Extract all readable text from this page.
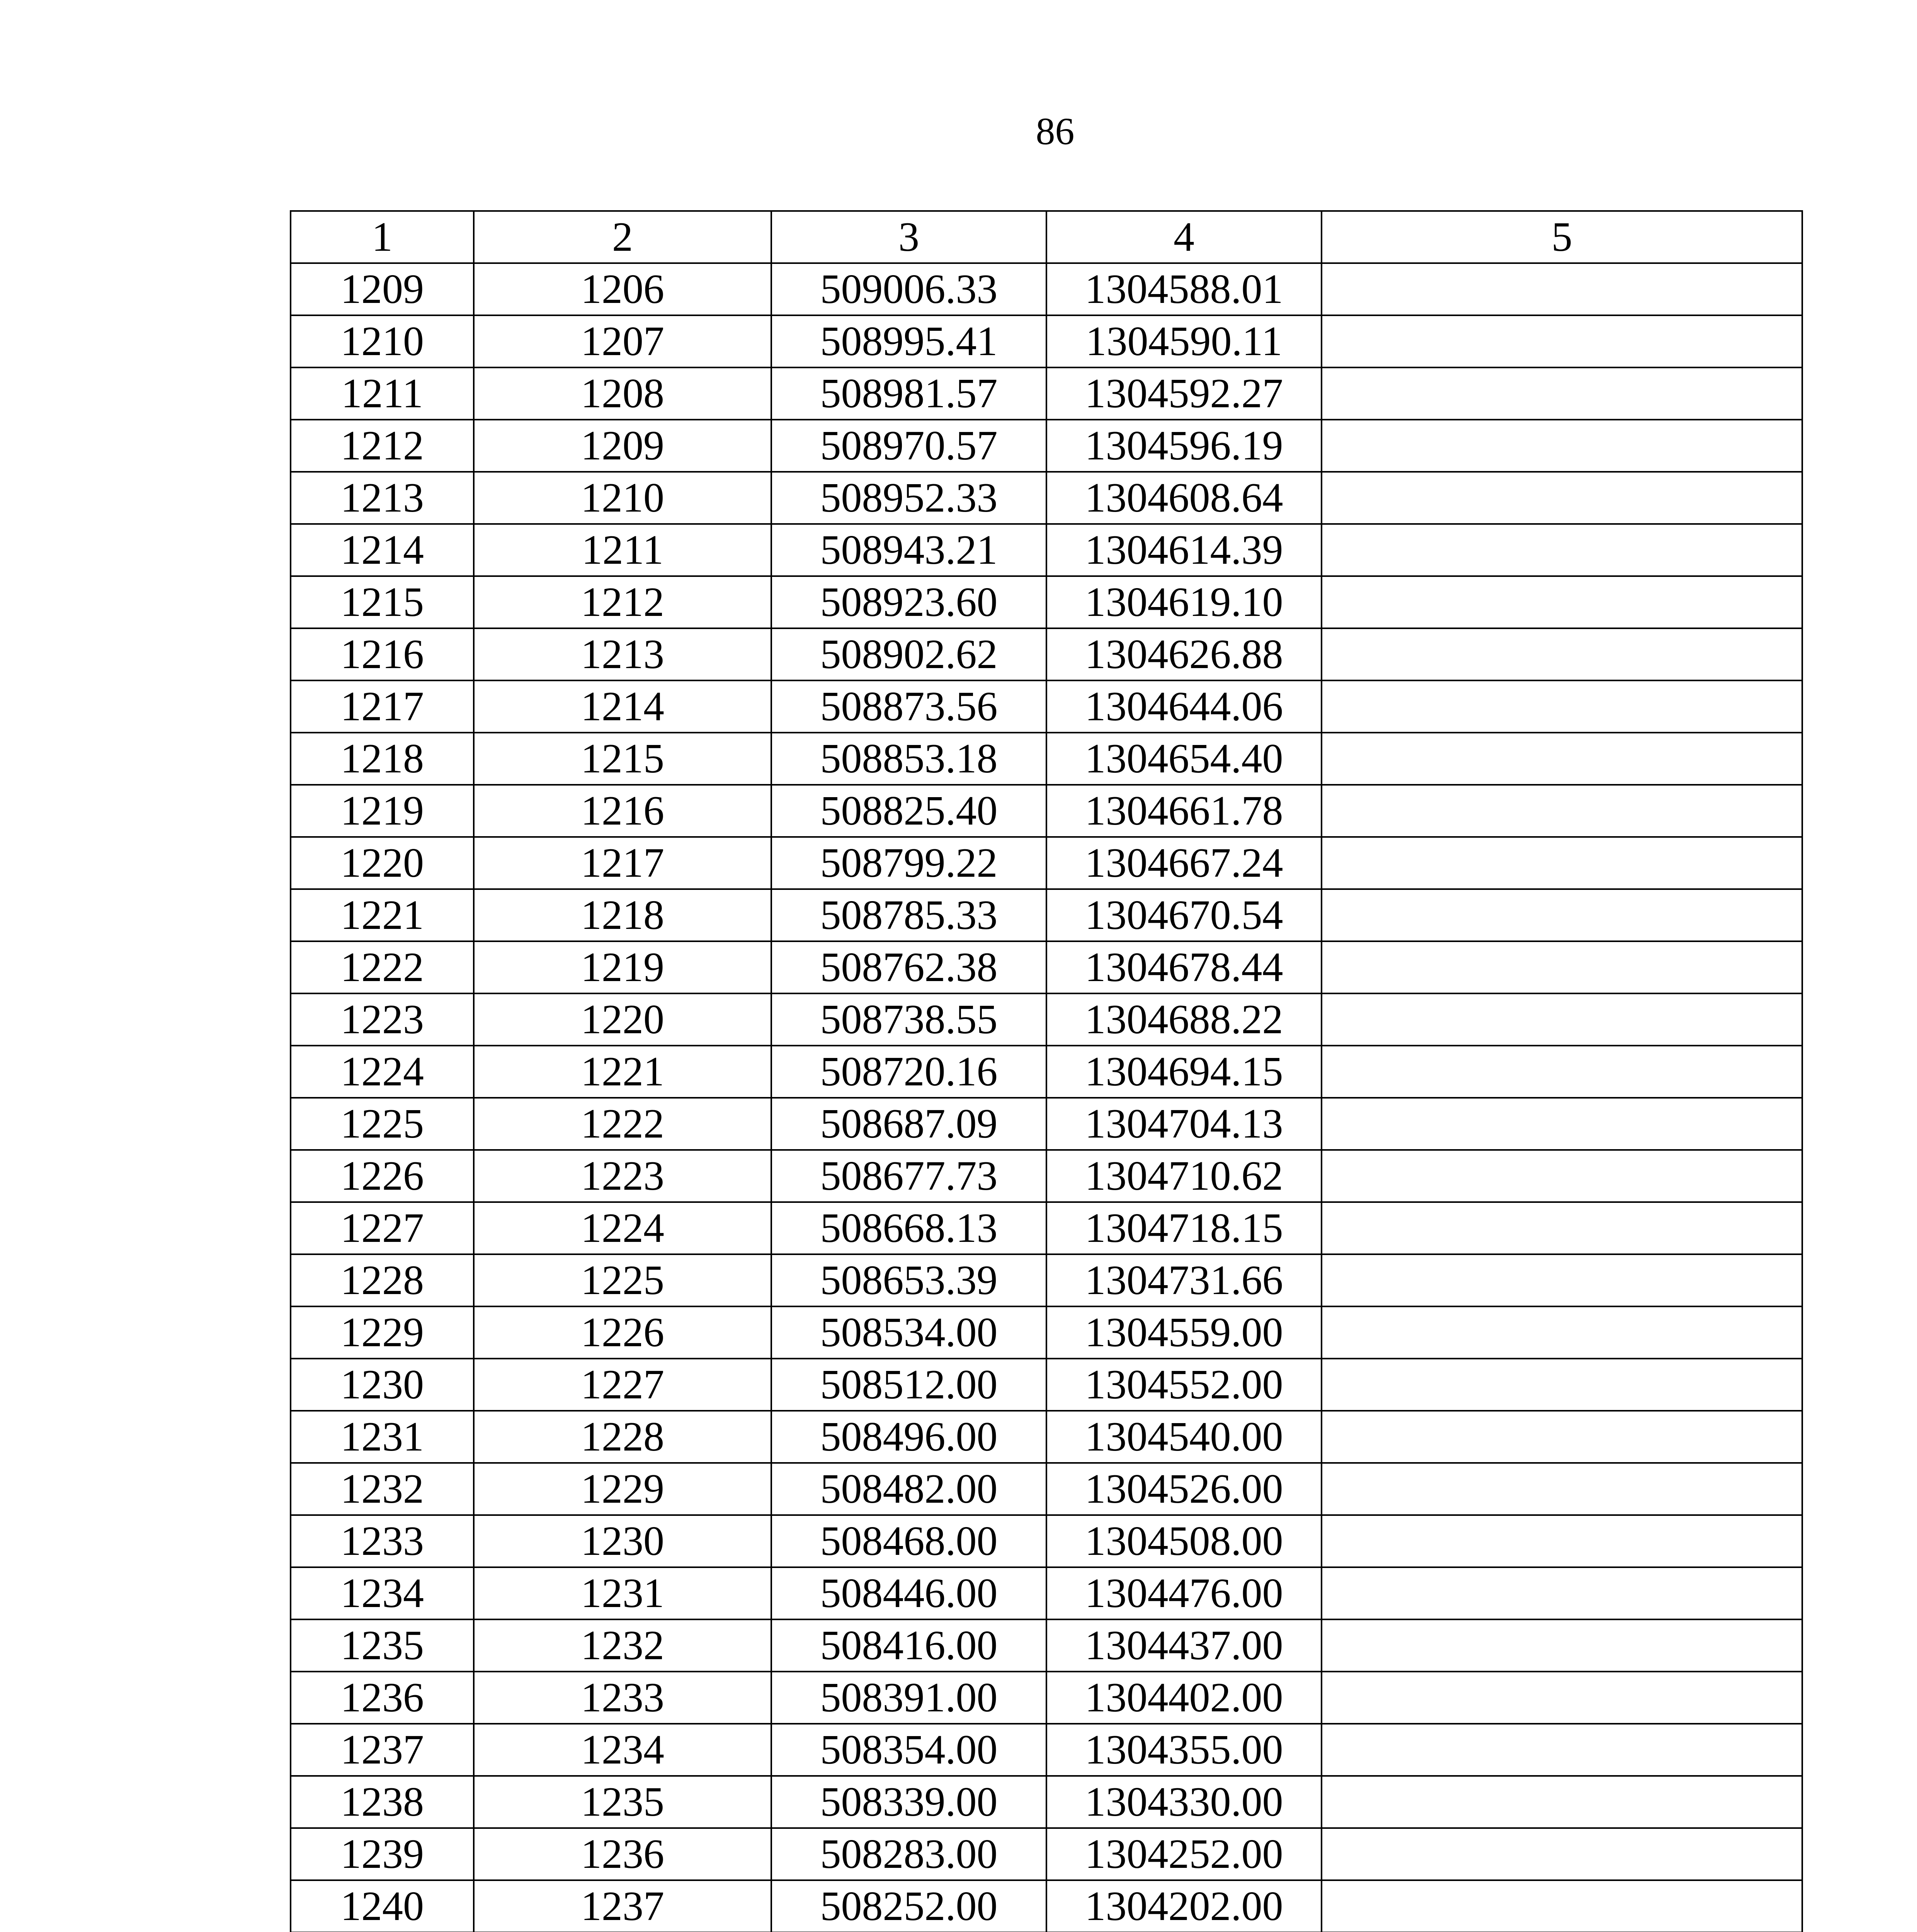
86
1	2	3	4	5
1209	1206	509006.33	1304588.01	
1210	1207	508995.41	1304590.11	
1211	1208	508981.57	1304592.27	
1212	1209	508970.57	1304596.19	
1213	1210	508952.33	1304608.64	
1214	1211	508943.21	1304614.39	
1215	1212	508923.60	1304619.10	
1216	1213	508902.62	1304626.88	
1217	1214	508873.56	1304644.06	
1218	1215	508853.18	1304654.40	
1219	1216	508825.40	1304661.78	
1220	1217	508799.22	1304667.24	
1221	1218	508785.33	1304670.54	
1222	1219	508762.38	1304678.44	
1223	1220	508738.55	1304688.22	
1224	1221	508720.16	1304694.15	
1225	1222	508687.09	1304704.13	
1226	1223	508677.73	1304710.62	
1227	1224	508668.13	1304718.15	
1228	1225	508653.39	1304731.66	
1229	1226	508534.00	1304559.00	
1230	1227	508512.00	1304552.00	
1231	1228	508496.00	1304540.00	
1232	1229	508482.00	1304526.00	
1233	1230	508468.00	1304508.00	
1234	1231	508446.00	1304476.00	
1235	1232	508416.00	1304437.00	
1236	1233	508391.00	1304402.00	
1237	1234	508354.00	1304355.00	
1238	1235	508339.00	1304330.00	
1239	1236	508283.00	1304252.00	
1240	1237	508252.00	1304202.00	
